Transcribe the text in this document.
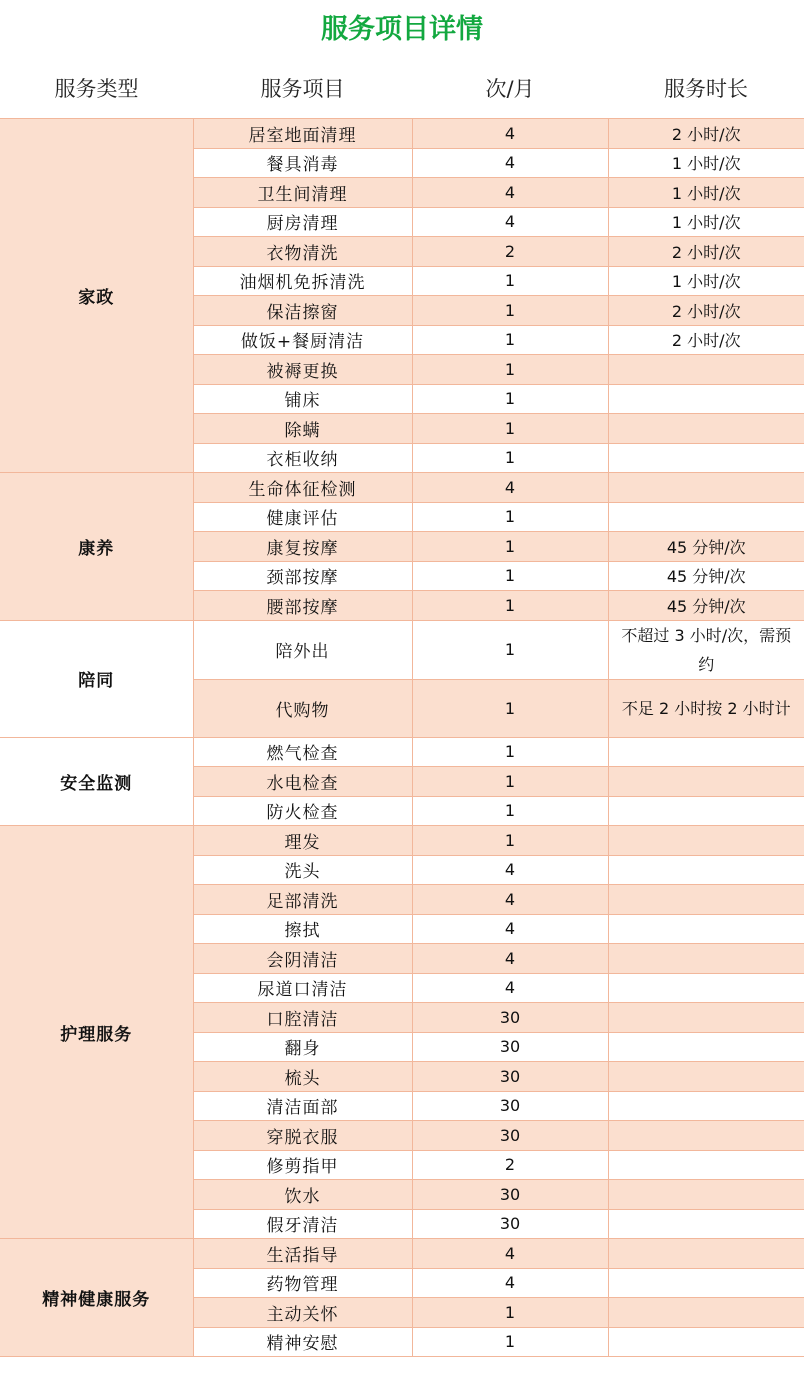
服务项目详情
服务类型	服务项目	次/月	服务时长
家政	居室地面清理	4	2 小时/次
	餐具消毒	4	1 小时/次
	卫生间清理	4	1 小时/次
	厨房清理	4	1 小时/次
	衣物清洗	2	2 小时/次
	油烟机免拆清洗	1	1 小时/次
	保洁擦窗	1	2 小时/次
	做饭+餐厨清洁	1	2 小时/次
	被褥更换	1	
	铺床	1	
	除螨	1	
	衣柜收纳	1	
康养	生命体征检测	4	
	健康评估	1	
	康复按摩	1	45 分钟/次
	颈部按摩	1	45 分钟/次
	腰部按摩	1	45 分钟/次
陪同	陪外出	1	不超过 3 小时/次，需预约
	代购物	1	不足 2 小时按 2 小时计
安全监测	燃气检查	1	
	水电检查	1	
	防火检查	1	
护理服务	理发	1	
	洗头	4	
	足部清洗	4	
	擦拭	4	
	会阴清洁	4	
	尿道口清洁	4	
	口腔清洁	30	
	翻身	30	
	梳头	30	
	清洁面部	30	
	穿脱衣服	30	
	修剪指甲	2	
	饮水	30	
	假牙清洁	30	
精神健康服务	生活指导	4	
	药物管理	4	
	主动关怀	1	
	精神安慰	1	
